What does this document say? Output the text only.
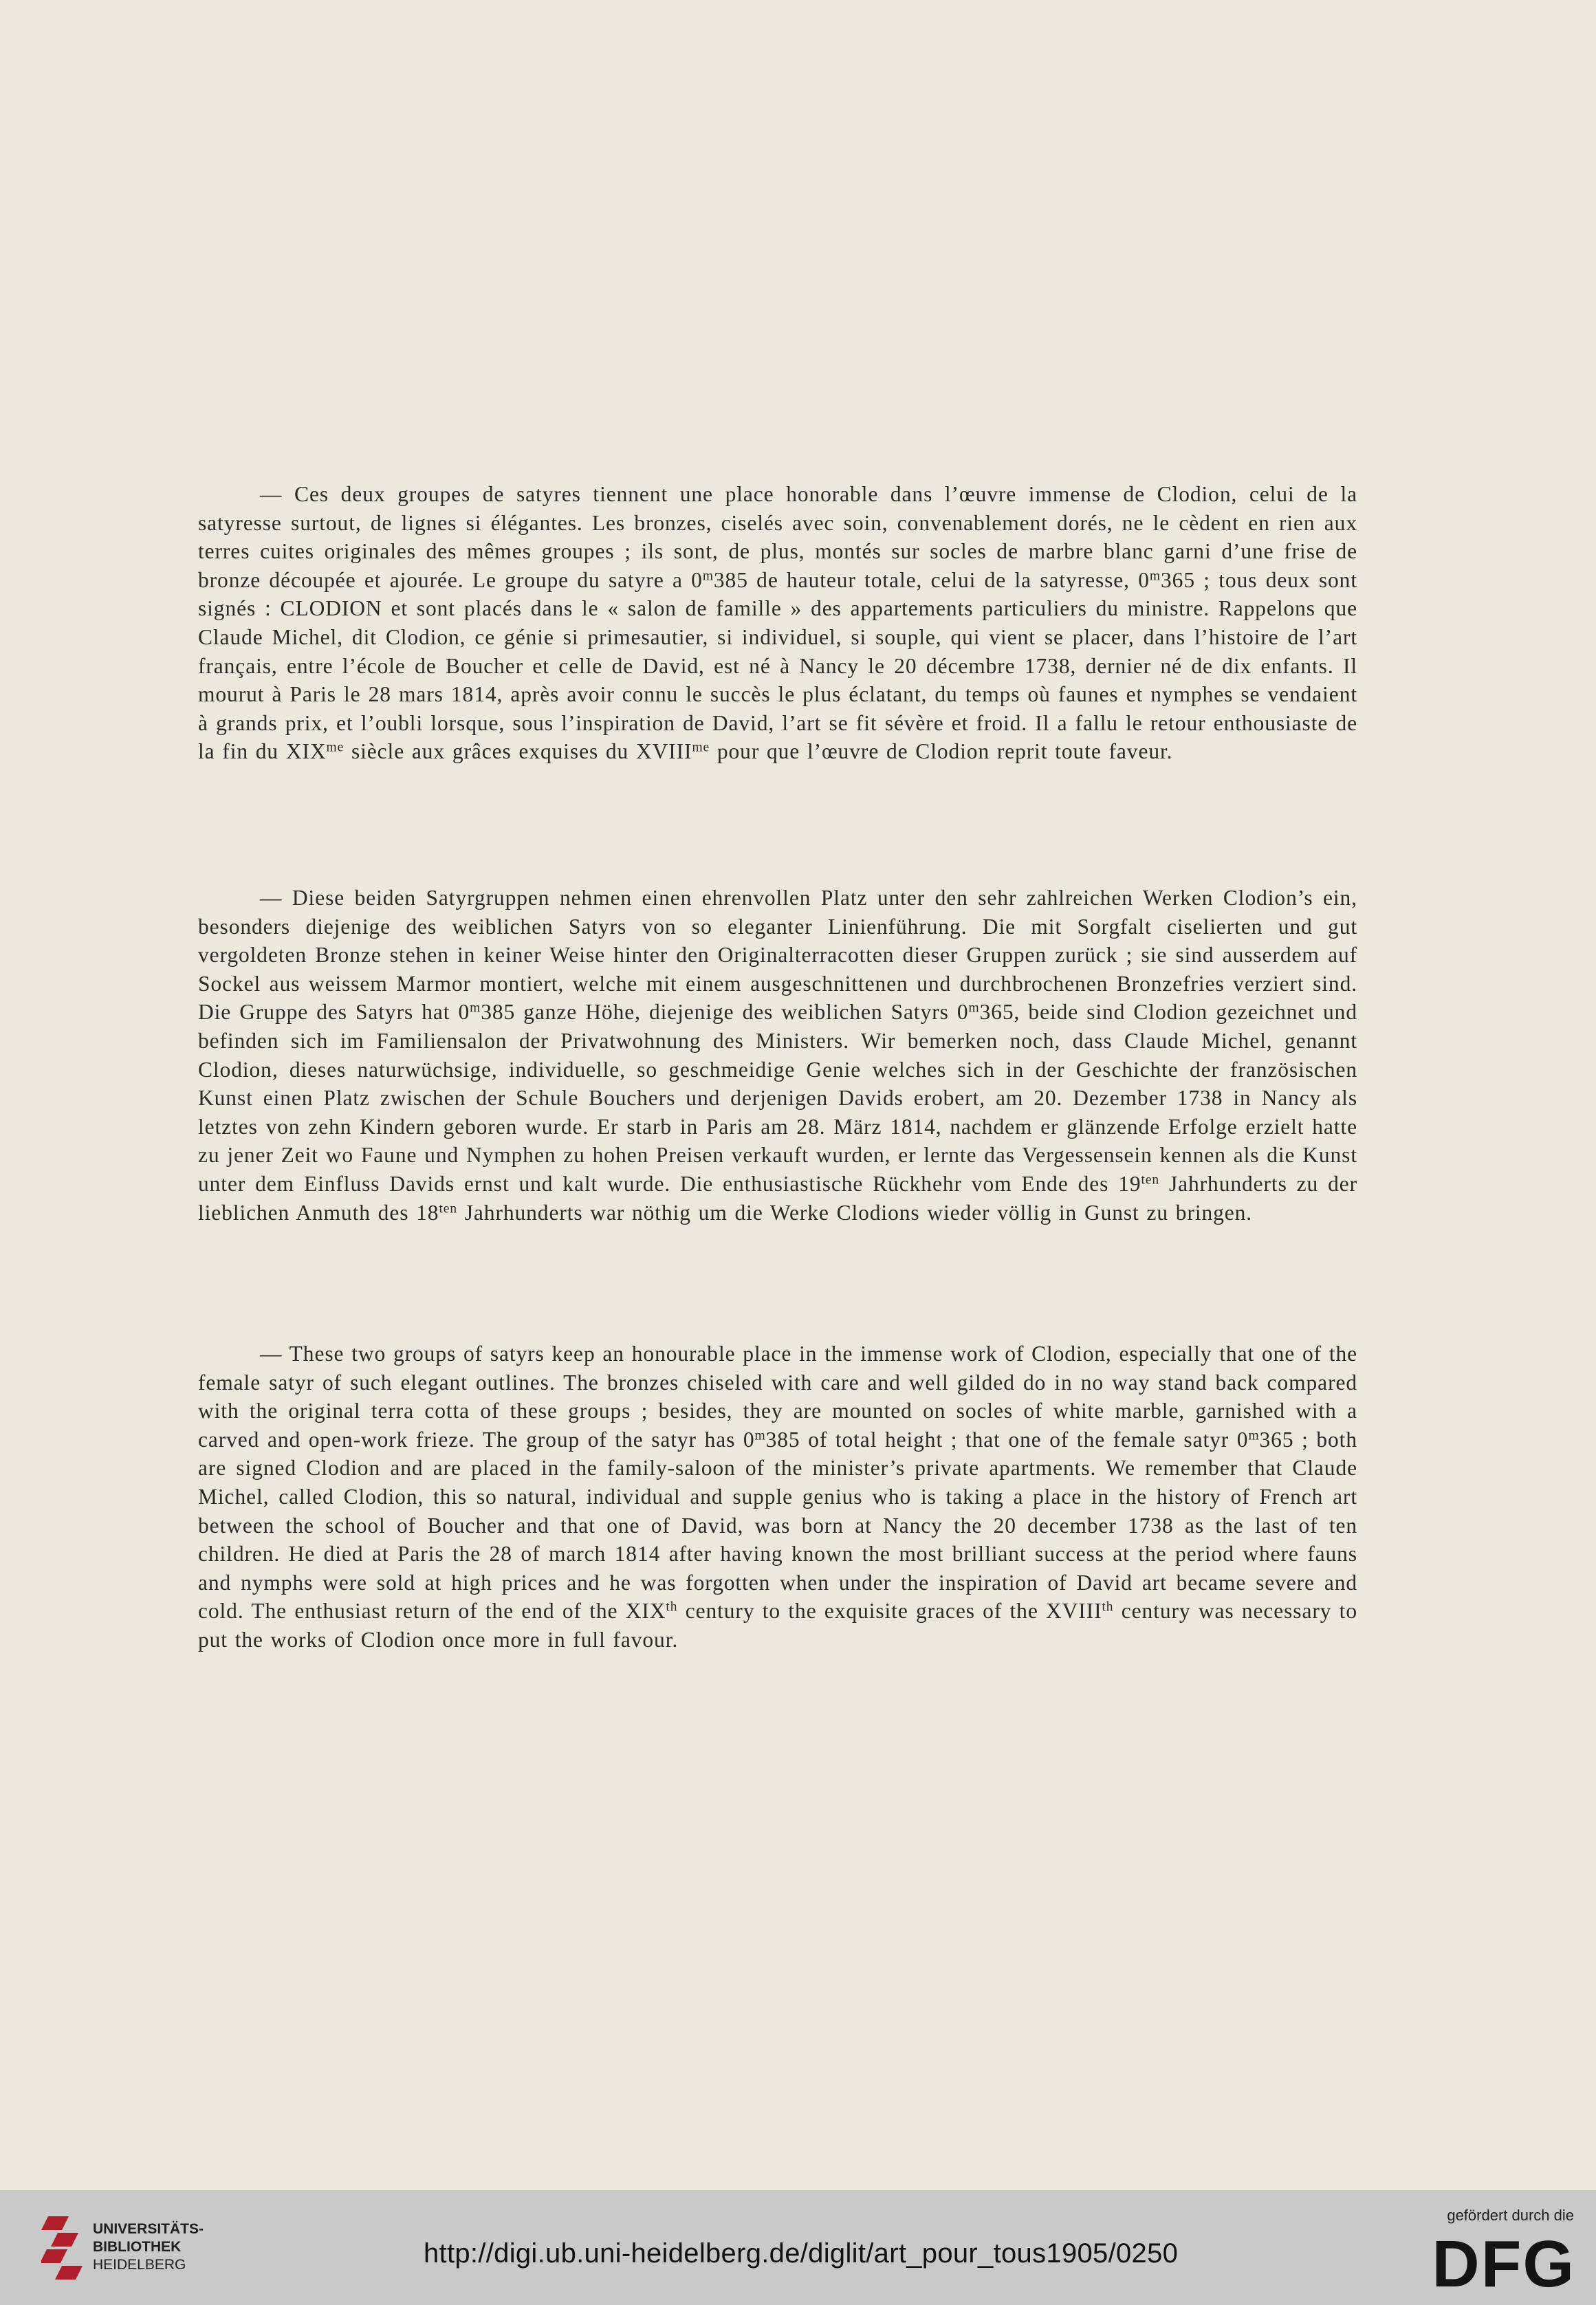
— Ces deux groupes de satyres tiennent une place honorable dans l’œuvre immense de Clodion, celui de la satyresse surtout, de lignes si élégantes. Les bronzes, ciselés avec soin, convenablement dorés, ne le cèdent en rien aux terres cuites originales des mêmes groupes ; ils sont, de plus, montés sur socles de marbre blanc garni d’une frise de bronze découpée et ajourée. Le groupe du satyre a 0$^m$385 de hauteur totale, celui de la satyresse, 0$^m$365 ; tous deux sont signés : CLODION et sont placés dans le « salon de famille » des appartements particuliers du ministre. Rappelons que Claude Michel, dit Clodion, ce génie si primesautier, si individuel, si souple, qui vient se placer, dans l’histoire de l’art français, entre l’école de Boucher et celle de David, est né à Nancy le 20 décembre 1738, dernier né de dix enfants. Il mourut à Paris le 28 mars 1814, après avoir connu le succès le plus éclatant, du temps où faunes et nymphes se vendaient à grands prix, et l’oubli lorsque, sous l’inspiration de David, l’art se fit sévère et froid. Il a fallu le retour enthousiaste de la fin du $XIX^{me}$ siècle aux grâces exquises du $XVIII^{me}$ pour que l’œuvre de Clodion reprit toute faveur.

— Diese beiden Satyrgruppen nehmen einen ehrenvollen Platz unter den sehr zahlreichen Werken Clodion’s ein, besonders diejenige des weiblichen Satyrs von so eleganter Linienführung. Die mit Sorgfalt ciselierten und gut vergoldeten Bronze stehen in keiner Weise hinter den Originalterracotten dieser Gruppen zurück ; sie sind ausserdem auf Sockel aus weissem Marmor montiert, welche mit einem ausgeschnittenen und durchbrochenen Bronzefries verziert sind. Die Gruppe des Satyrs hat 0$^m$385 ganze Höhe, diejenige des weiblichen Satyrs 0$^m$365, beide sind Clodion gezeichnet und befinden sich im Familiensalon der Privatwohnung des Ministers. Wir bemerken noch, dass Claude Michel, genannt Clodion, dieses naturwüchsige, individuelle, so geschmeidige Genie welches sich in der Geschichte der französischen Kunst einen Platz zwischen der Schule Bouchers und derjenigen Davids erobert, am 20. Dezember 1738 in Nancy als letztes von zehn Kindern geboren wurde. Er starb in Paris am 28. März 1814, nachdem er glänzende Erfolge erzielt hatte zu jener Zeit wo Faune und Nymphen zu hohen Preisen verkauft wurden, er lernte das Vergessensein kennen als die Kunst unter dem Einfluss Davids ernst und kalt wurde. Die enthusiastische Rückhehr vom Ende des $19^{ten}$ Jahrhunderts zu der lieblichen Anmuth des $18^{ten}$ Jahrhunderts war nöthig um die Werke Clodions wieder völlig in Gunst zu bringen.

— These two groups of satyrs keep an honourable place in the immense work of Clodion, especially that one of the female satyr of such elegant outlines. The bronzes chiseled with care and well gilded do in no way stand back compared with the original terra cotta of these groups ; besides, they are mounted on socles of white marble, garnished with a carved and open-work frieze. The group of the satyr has 0$^m$385 of total height ; that one of the female satyr 0$^m$365 ; both are signed Clodion and are placed in the family-saloon of the minister’s private apartments. We remember that Claude Michel, called Clodion, this so natural, individual and supple genius who is taking a place in the history of French art between the school of Boucher and that one of David, was born at Nancy the 20 december 1738 as the last of ten children. He died at Paris the 28 of march 1814 after having known the most brilliant success at the period where fauns and nymphs were sold at high prices and he was forgotten when under the inspiration of David art became severe and cold. The enthusiast return of the end of the XIXth century to the exquisite graces of the XVIIIth century was necessary to put the works of Clodion once more in full favour.

UNIVERSITÄTS-
BIBLIOTHEK
HEIDELBERG	http://digi.ub.uni-heidelberg.de/diglit/art_pour_tous1905/0250
gefördert durch die
DFG
